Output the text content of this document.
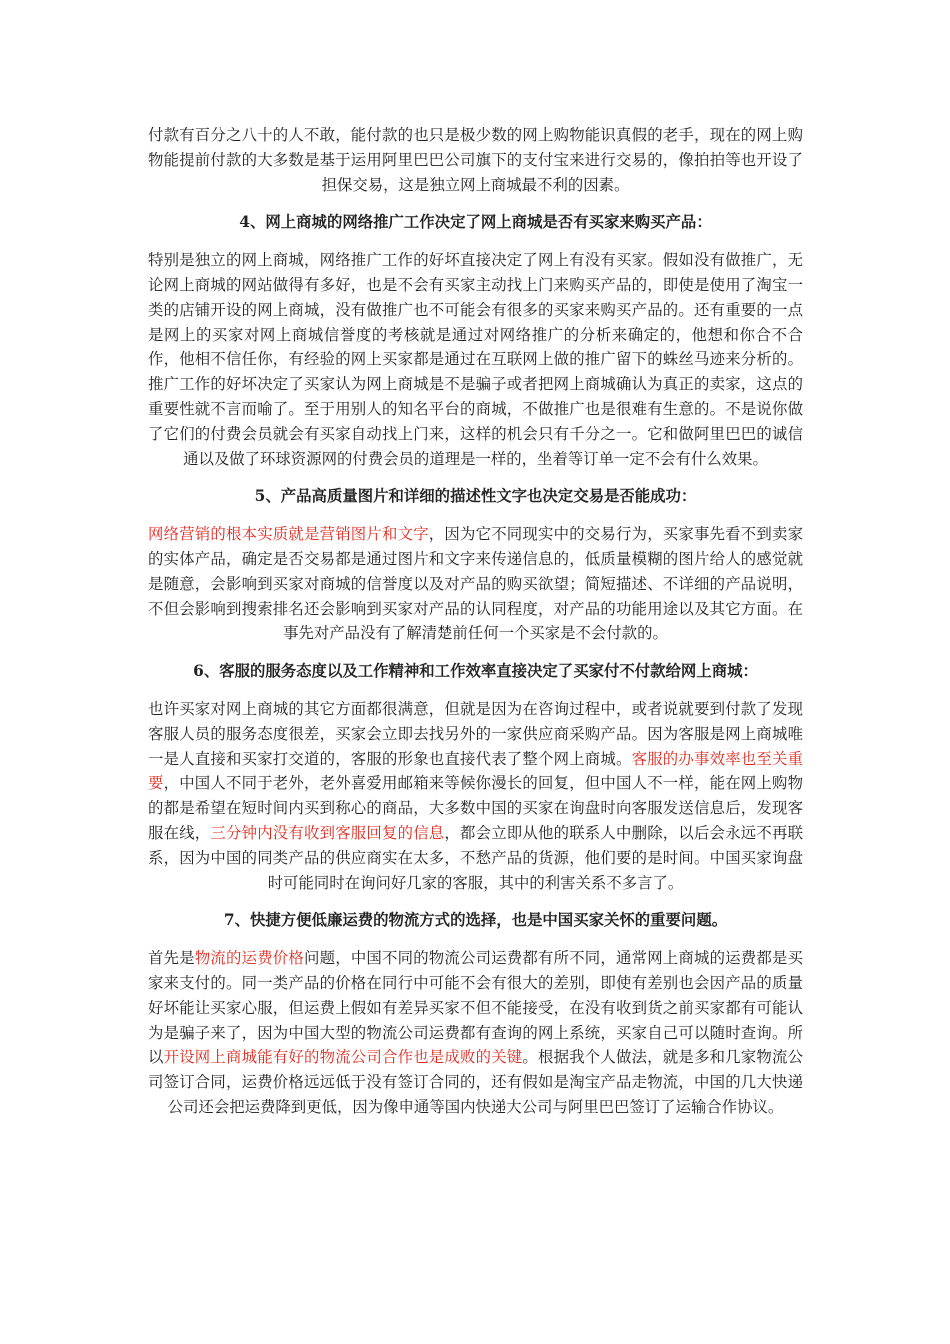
付款有百分之八十的人不敢，能付款的也只是极少数的网上购物能识真假的老手，现在的网上购物能提前付款的大多数是基于运用阿里巴巴公司旗下的支付宝来进行交易的，像拍拍等也开设了担保交易，这是独立网上商城最不利的因素。

4、网上商城的网络推广工作决定了网上商城是否有买家来购买产品：

特别是独立的网上商城，网络推广工作的好坏直接决定了网上有没有买家。假如没有做推广，无论网上商城的网站做得有多好，也是不会有买家主动找上门来购买产品的，即使是使用了淘宝一类的店铺开设的网上商城，没有做推广也不可能会有很多的买家来购买产品的。还有重要的一点是网上的买家对网上商城信誉度的考核就是通过对网络推广的分析来确定的，他想和你合不合作，他相不信任你，有经验的网上买家都是通过在互联网上做的推广留下的蛛丝马迹来分析的。推广工作的好坏决定了买家认为网上商城是不是骗子或者把网上商城确认为真正的卖家，这点的重要性就不言而喻了。至于用别人的知名平台的商城，不做推广也是很难有生意的。不是说你做了它们的付费会员就会有买家自动找上门来，这样的机会只有千分之一。它和做阿里巴巴的诚信通以及做了环球资源网的付费会员的道理是一样的，坐着等订单一定不会有什么效果。

5、产品高质量图片和详细的描述性文字也决定交易是否能成功：

网络营销的根本实质就是营销图片和文字，因为它不同现实中的交易行为，买家事先看不到卖家的实体产品，确定是否交易都是通过图片和文字来传递信息的，低质量模糊的图片给人的感觉就是随意，会影响到买家对商城的信誉度以及对产品的购买欲望；简短描述、不详细的产品说明，不但会影响到搜索排名还会影响到买家对产品的认同程度，对产品的功能用途以及其它方面。在事先对产品没有了解清楚前任何一个买家是不会付款的。

6、客服的服务态度以及工作精神和工作效率直接决定了买家付不付款给网上商城：

也许买家对网上商城的其它方面都很满意，但就是因为在咨询过程中，或者说就要到付款了发现客服人员的服务态度很差，买家会立即去找另外的一家供应商采购产品。因为客服是网上商城唯一是人直接和买家打交道的，客服的形象也直接代表了整个网上商城。客服的办事效率也至关重要，中国人不同于老外，老外喜爱用邮箱来等候你漫长的回复，但中国人不一样，能在网上购物的都是希望在短时间内买到称心的商品，大多数中国的买家在询盘时向客服发送信息后，发现客服在线，三分钟内没有收到客服回复的信息，都会立即从他的联系人中删除，以后会永远不再联系，因为中国的同类产品的供应商实在太多，不愁产品的货源，他们要的是时间。中国买家询盘时可能同时在询问好几家的客服，其中的利害关系不多言了。

7、快捷方便低廉运费的物流方式的选择，也是中国买家关怀的重要问题。

首先是物流的运费价格问题，中国不同的物流公司运费都有所不同，通常网上商城的运费都是买家来支付的。同一类产品的价格在同行中可能不会有很大的差别，即使有差别也会因产品的质量好坏能让买家心服，但运费上假如有差异买家不但不能接受，在没有收到货之前买家都有可能认为是骗子来了，因为中国大型的物流公司运费都有查询的网上系统，买家自己可以随时查询。所以开设网上商城能有好的物流公司合作也是成败的关键。根据我个人做法，就是多和几家物流公司签订合同，运费价格远远低于没有签订合同的，还有假如是淘宝产品走物流，中国的几大快递公司还会把运费降到更低，因为像申通等国内快递大公司与阿里巴巴签订了运输合作协议。
